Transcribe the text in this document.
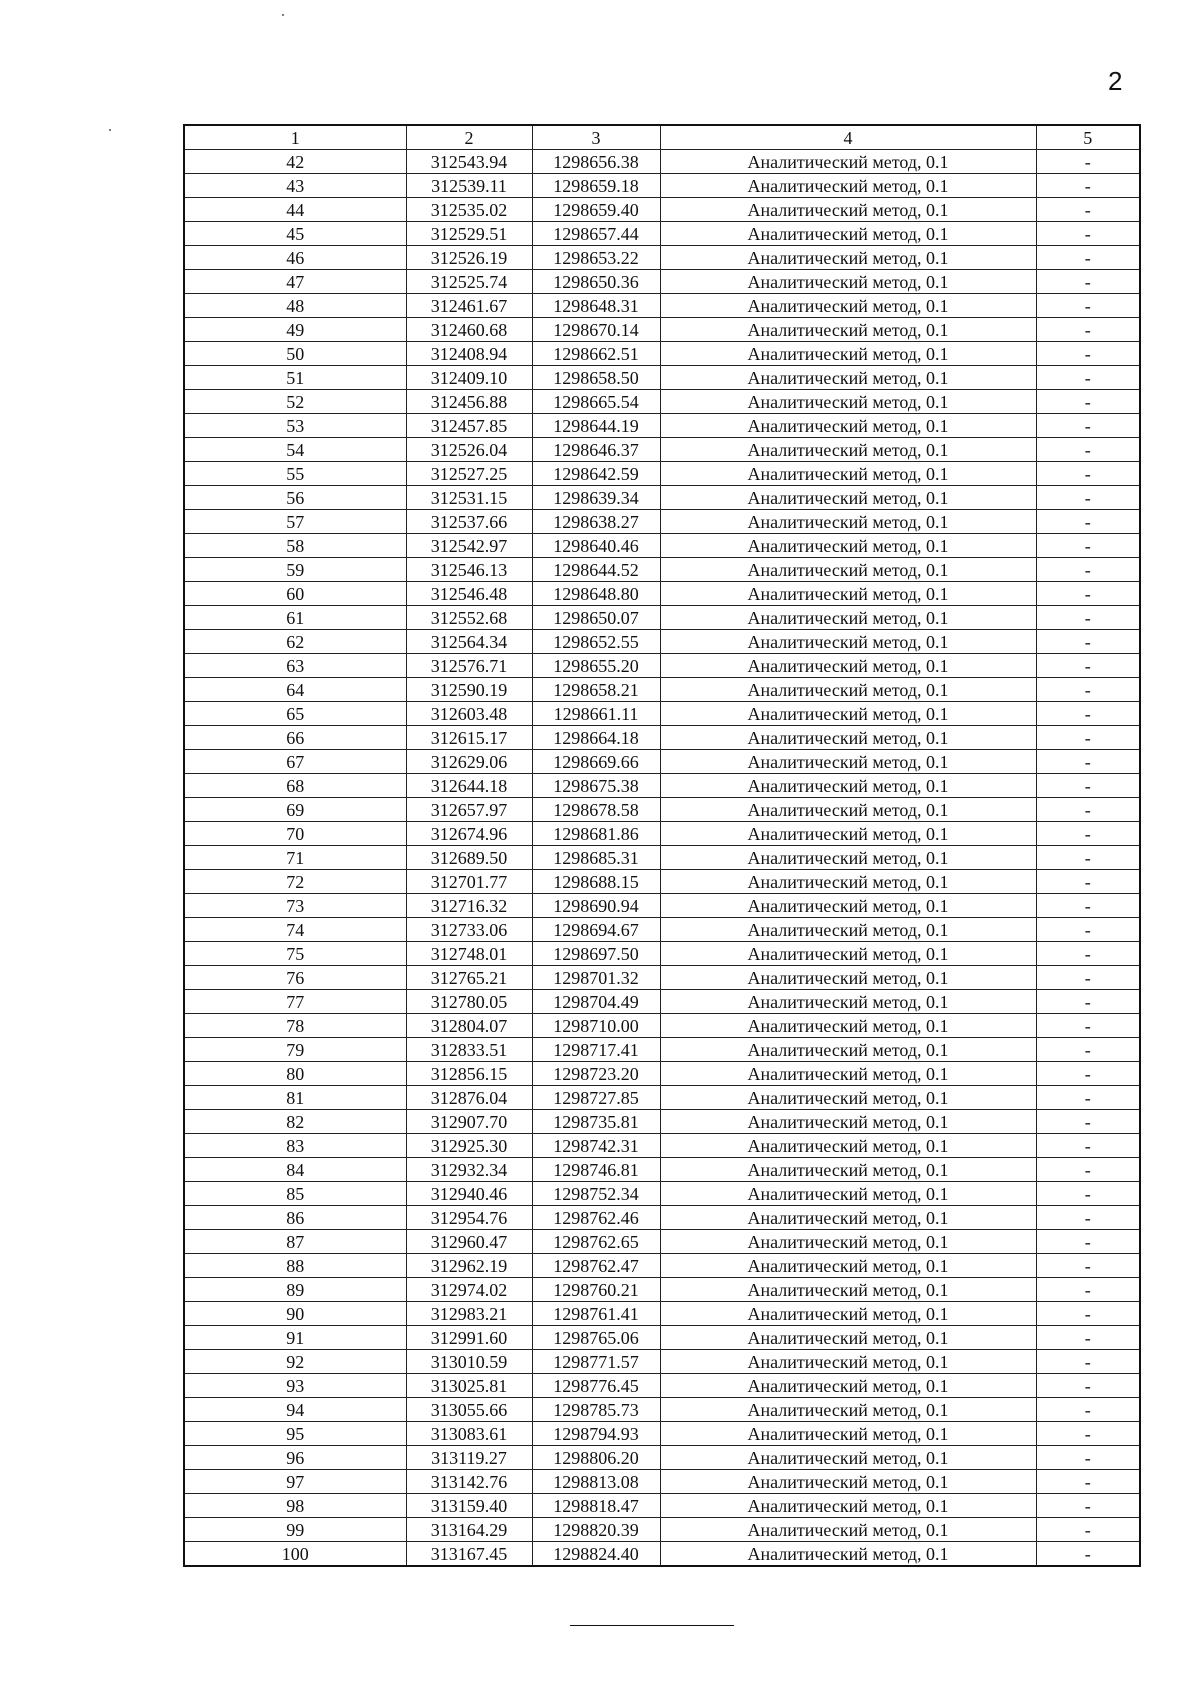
2
1	2	3	4	5
42	312543.94	1298656.38	Аналитический метод, 0.1	-
43	312539.11	1298659.18	Аналитический метод, 0.1	-
44	312535.02	1298659.40	Аналитический метод, 0.1	-
45	312529.51	1298657.44	Аналитический метод, 0.1	-
46	312526.19	1298653.22	Аналитический метод, 0.1	-
47	312525.74	1298650.36	Аналитический метод, 0.1	-
48	312461.67	1298648.31	Аналитический метод, 0.1	-
49	312460.68	1298670.14	Аналитический метод, 0.1	-
50	312408.94	1298662.51	Аналитический метод, 0.1	-
51	312409.10	1298658.50	Аналитический метод, 0.1	-
52	312456.88	1298665.54	Аналитический метод, 0.1	-
53	312457.85	1298644.19	Аналитический метод, 0.1	-
54	312526.04	1298646.37	Аналитический метод, 0.1	-
55	312527.25	1298642.59	Аналитический метод, 0.1	-
56	312531.15	1298639.34	Аналитический метод, 0.1	-
57	312537.66	1298638.27	Аналитический метод, 0.1	-
58	312542.97	1298640.46	Аналитический метод, 0.1	-
59	312546.13	1298644.52	Аналитический метод, 0.1	-
60	312546.48	1298648.80	Аналитический метод, 0.1	-
61	312552.68	1298650.07	Аналитический метод, 0.1	-
62	312564.34	1298652.55	Аналитический метод, 0.1	-
63	312576.71	1298655.20	Аналитический метод, 0.1	-
64	312590.19	1298658.21	Аналитический метод, 0.1	-
65	312603.48	1298661.11	Аналитический метод, 0.1	-
66	312615.17	1298664.18	Аналитический метод, 0.1	-
67	312629.06	1298669.66	Аналитический метод, 0.1	-
68	312644.18	1298675.38	Аналитический метод, 0.1	-
69	312657.97	1298678.58	Аналитический метод, 0.1	-
70	312674.96	1298681.86	Аналитический метод, 0.1	-
71	312689.50	1298685.31	Аналитический метод, 0.1	-
72	312701.77	1298688.15	Аналитический метод, 0.1	-
73	312716.32	1298690.94	Аналитический метод, 0.1	-
74	312733.06	1298694.67	Аналитический метод, 0.1	-
75	312748.01	1298697.50	Аналитический метод, 0.1	-
76	312765.21	1298701.32	Аналитический метод, 0.1	-
77	312780.05	1298704.49	Аналитический метод, 0.1	-
78	312804.07	1298710.00	Аналитический метод, 0.1	-
79	312833.51	1298717.41	Аналитический метод, 0.1	-
80	312856.15	1298723.20	Аналитический метод, 0.1	-
81	312876.04	1298727.85	Аналитический метод, 0.1	-
82	312907.70	1298735.81	Аналитический метод, 0.1	-
83	312925.30	1298742.31	Аналитический метод, 0.1	-
84	312932.34	1298746.81	Аналитический метод, 0.1	-
85	312940.46	1298752.34	Аналитический метод, 0.1	-
86	312954.76	1298762.46	Аналитический метод, 0.1	-
87	312960.47	1298762.65	Аналитический метод, 0.1	-
88	312962.19	1298762.47	Аналитический метод, 0.1	-
89	312974.02	1298760.21	Аналитический метод, 0.1	-
90	312983.21	1298761.41	Аналитический метод, 0.1	-
91	312991.60	1298765.06	Аналитический метод, 0.1	-
92	313010.59	1298771.57	Аналитический метод, 0.1	-
93	313025.81	1298776.45	Аналитический метод, 0.1	-
94	313055.66	1298785.73	Аналитический метод, 0.1	-
95	313083.61	1298794.93	Аналитический метод, 0.1	-
96	313119.27	1298806.20	Аналитический метод, 0.1	-
97	313142.76	1298813.08	Аналитический метод, 0.1	-
98	313159.40	1298818.47	Аналитический метод, 0.1	-
99	313164.29	1298820.39	Аналитический метод, 0.1	-
100	313167.45	1298824.40	Аналитический метод, 0.1	-
